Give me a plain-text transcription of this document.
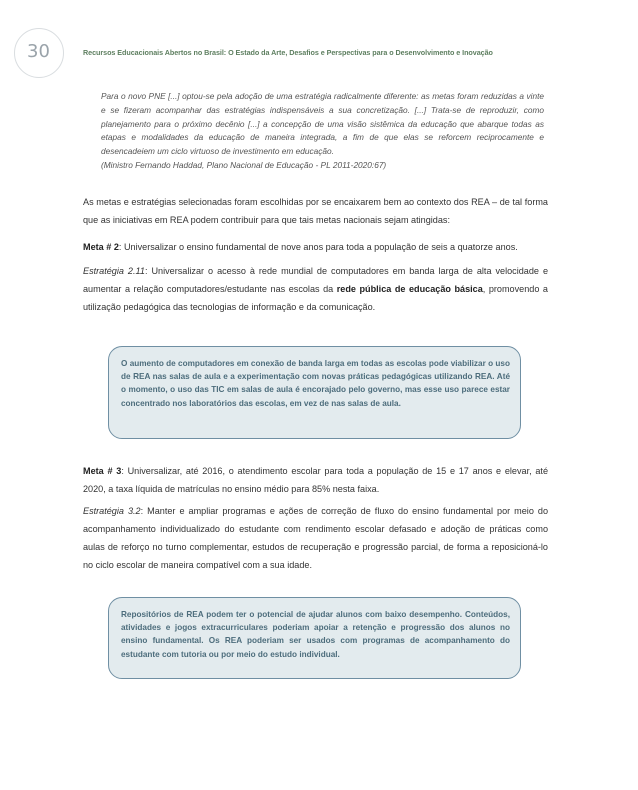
30	Recursos Educacionais Abertos no Brasil: O Estado da Arte, Desafios e Perspectivas para o Desenvolvimento e Inovação

Para o novo PNE [...] optou-se pela adoção de uma estratégia radicalmente diferente: as metas foram reduzidas a vinte e se fizeram acompanhar das estratégias indispensáveis a sua concretização. [...] Trata-se de reproduzir, como planejamento para o próximo decênio [...] a concepção de uma visão sistêmica da educação que abarque todas as etapas e modalidades da educação de maneira integrada, a fim de que elas se reforcem reciprocamente e desencadeiem um ciclo virtuoso de investimento em educação.

(Ministro Fernando Haddad, Plano Nacional de Educação - PL 2011-2020:67)

As metas e estratégias selecionadas foram escolhidas por se encaixarem bem ao contexto dos REA – de tal forma que as iniciativas em REA podem contribuir para que tais metas nacionais sejam atingidas:

Meta # 2: Universalizar o ensino fundamental de nove anos para toda a população de seis a quatorze anos.

Estratégia 2.11: Universalizar o acesso à rede mundial de computadores em banda larga de alta velocidade e aumentar a relação computadores/estudante nas escolas da rede pública de educação básica, promovendo a utilização pedagógica das tecnologias de informação e da comunicação.

O aumento de computadores em conexão de banda larga em todas as escolas pode viabilizar o uso de REA nas salas de aula e a experimentação com novas práticas pedagógicas utilizando REA. Até o momento, o uso das TIC em salas de aula é encorajado pelo governo, mas esse uso parece estar concentrado nos laboratórios das escolas, em vez de nas salas de aula.

Meta # 3: Universalizar, até 2016, o atendimento escolar para toda a população de 15 e 17 anos e elevar, até 2020, a taxa líquida de matrículas no ensino médio para 85% nesta faixa.

Estratégia 3.2: Manter e ampliar programas e ações de correção de fluxo do ensino fundamental por meio do acompanhamento individualizado do estudante com rendimento escolar defasado e adoção de práticas como aulas de reforço no turno complementar, estudos de recuperação e progressão parcial, de forma a reposicioná-lo no ciclo escolar de maneira compatível com a sua idade.

Repositórios de REA podem ter o potencial de ajudar alunos com baixo desempenho. Conteúdos, atividades e jogos extracurriculares poderiam apoiar a retenção e progressão dos alunos no ensino fundamental. Os REA poderiam ser usados com programas de acompanhamento do estudante com tutoria ou por meio do estudo individual.
